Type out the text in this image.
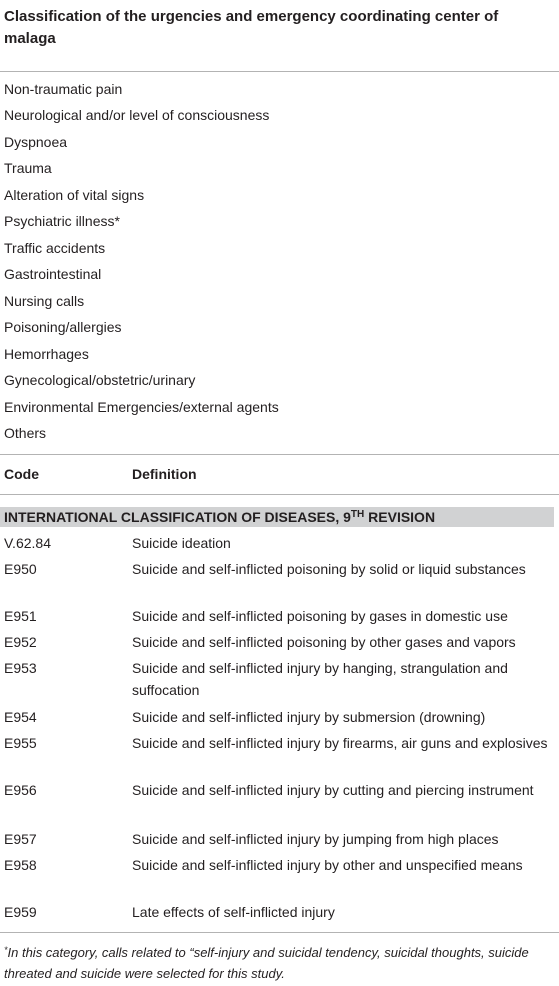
Classification of the urgencies and emergency coordinating center of malaga
Non-traumatic pain
Neurological and/or level of consciousness
Dyspnoea
Trauma
Alteration of vital signs
Psychiatric illness*
Traffic accidents
Gastrointestinal
Nursing calls
Poisoning/allergies
Hemorrhages
Gynecological/obstetric/urinary
Environmental Emergencies/external agents
Others
Code	Definition
INTERNATIONAL CLASSIFICATION OF DISEASES, 9TH REVISION
V.62.84	Suicide ideation
E950	Suicide and self-inflicted poisoning by solid or liquid substances
E951	Suicide and self-inflicted poisoning by gases in domestic use
E952	Suicide and self-inflicted poisoning by other gases and vapors
E953	Suicide and self-inflicted injury by hanging, strangulation and suffocation
E954	Suicide and self-inflicted injury by submersion (drowning)
E955	Suicide and self-inflicted injury by firearms, air guns and explosives
E956	Suicide and self-inflicted injury by cutting and piercing instrument
E957	Suicide and self-inflicted injury by jumping from high places
E958	Suicide and self-inflicted injury by other and unspecified means
E959	Late effects of self-inflicted injury
*In this category, calls related to “self-injury and suicidal tendency, suicidal thoughts, suicide threated and suicide were selected for this study.
